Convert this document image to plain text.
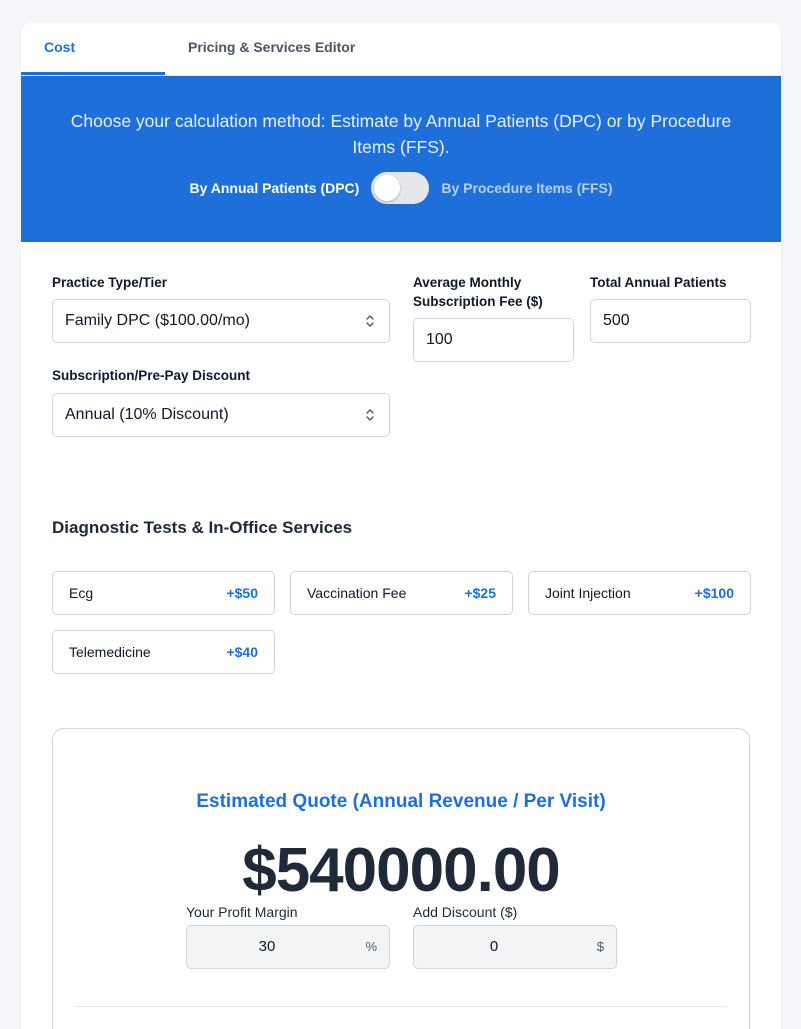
Cost Calculator
Pricing & Services Editor
Choose your calculation method: Estimate by Annual Patients (DPC) or by Procedure Items (FFS).
By Annual Patients (DPC)	By Procedure Items (FFS)
Practice Type/Tier
Family DPC ($100.00/mo)
Average Monthly Subscription Fee ($)
100
Total Annual Patients
500
Subscription/Pre-Pay Discount
Annual (10% Discount)
Diagnostic Tests & In-Office Services
Ecg	+$50	Vaccination Fee	+$25	Joint Injection	+$100
Telemedicine	+$40
Estimated Quote (Annual Revenue / Per Visit)
$540000.00
Your Profit Margin
30	%
Add Discount ($)
0	$
